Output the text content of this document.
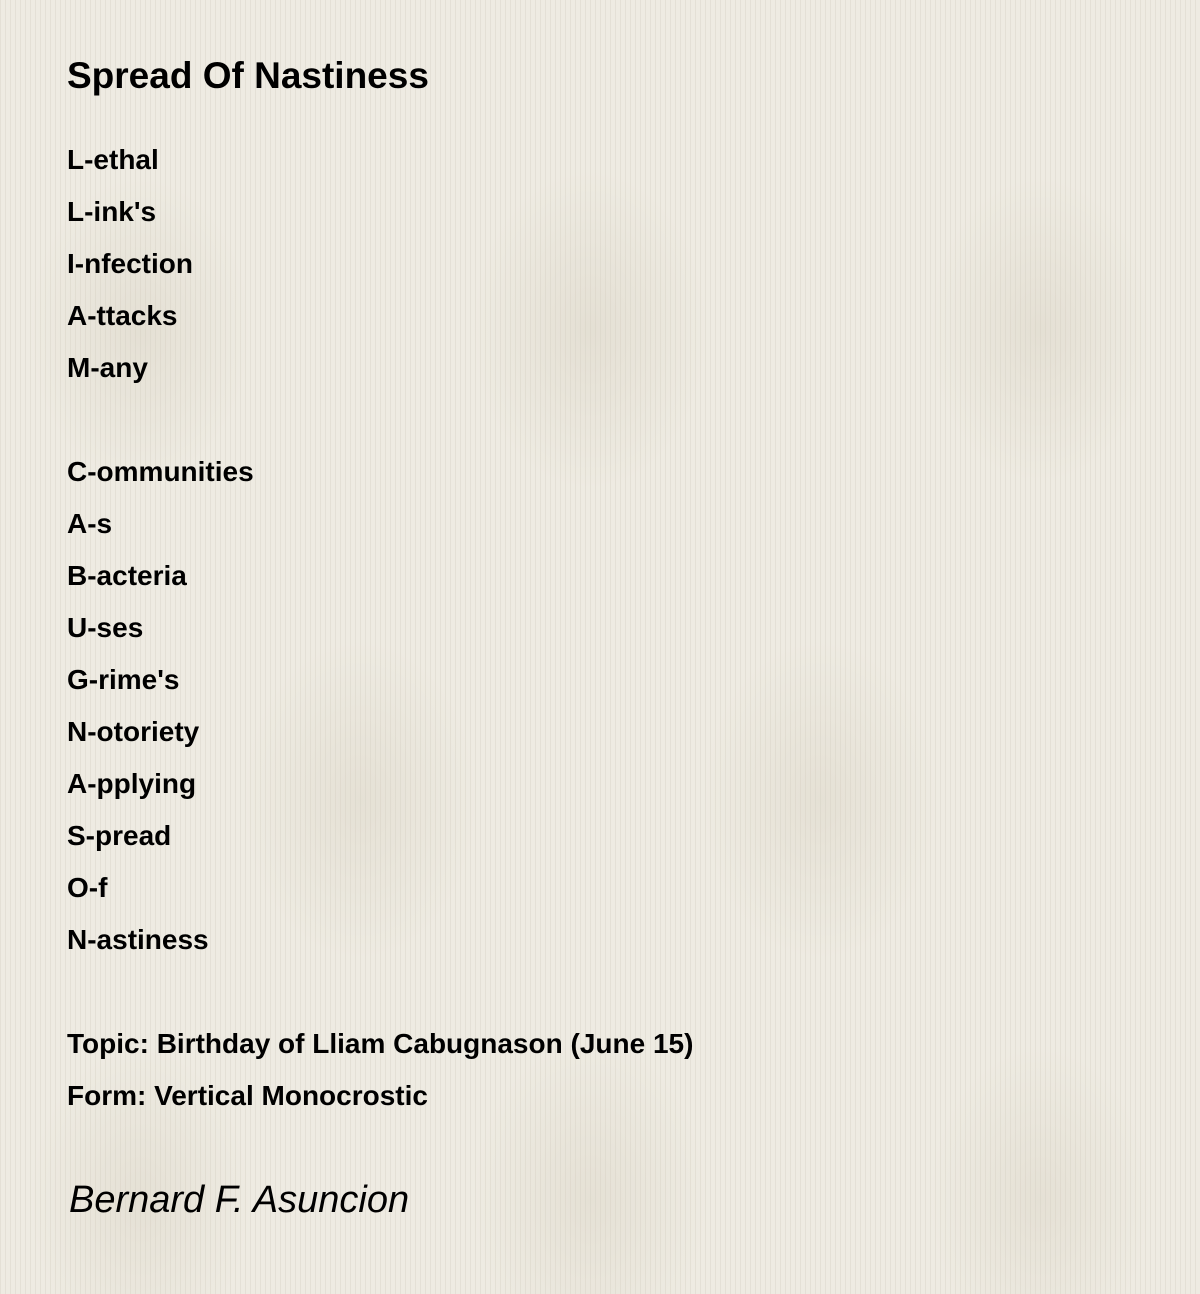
Spread Of Nastiness
L-ethal
L-ink's
I-nfection
A-ttacks
M-any
C-ommunities
A-s
B-acteria
U-ses
G-rime's
N-otoriety
A-pplying
S-pread
O-f
N-astiness
Topic: Birthday of Lliam Cabugnason (June 15)
Form: Vertical Monocrostic
Bernard F. Asuncion
